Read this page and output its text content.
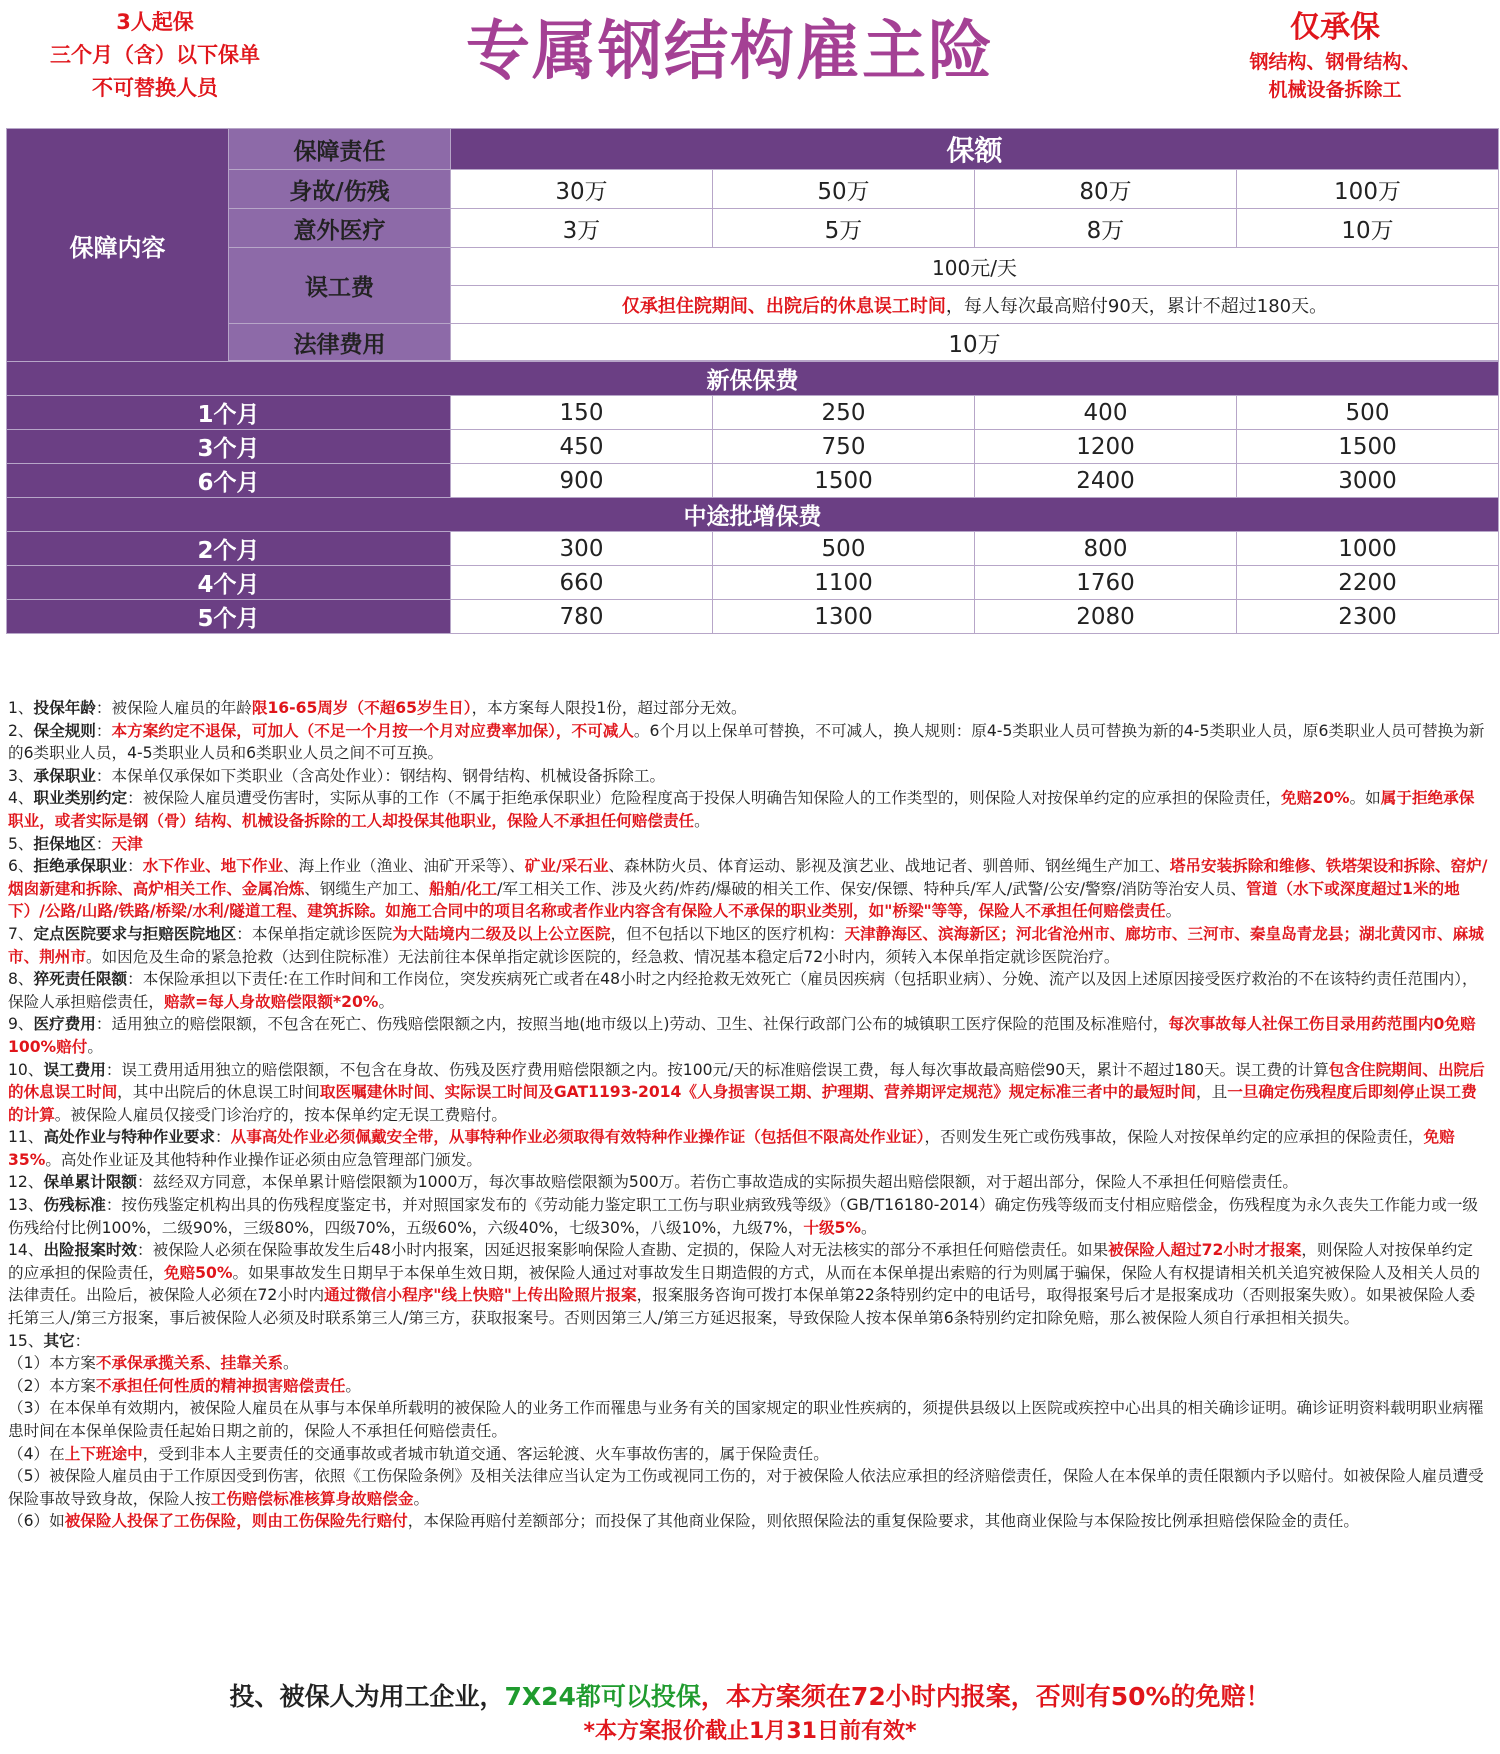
3人起保
三个月（含）以下保单
不可替换人员	专属钢结构雇主险	仅承保
钢结构、钢骨结构、
机械设备拆除工
保障内容	保障责任	保额			
	身故/伤残	30万	50万	80万	100万
	意外医疗	3万	5万	8万	10万
	误工费	100元/天			
		仅承担住院期间、出院后的休息误工时间，每人每次最高赔付90天，累计不超过180天。			
	法律费用	10万			

新保保费					
1个月		150	250	400	500
3个月		450	750	1200	1500
6个月		900	1500	2400	3000
中途批增保费					
2个月		300	500	800	1000
4个月		660	1100	1760	2200
5个月		780	1300	2080	2300

1、投保年龄：被保险人雇员的年龄限16-65周岁（不超65岁生日），本方案每人限投1份，超过部分无效。

2、保全规则：本方案约定不退保，可加人（不足一个月按一个月对应费率加保），不可减人。6个月以上保单可替换，不可减人，换人规则：原4-5类职业人员可替换为新的4-5类职业人员，原6类职业人员可替换为新的6类职业人员，4-5类职业人员和6类职业人员之间不可互换。

3、承保职业：本保单仅承保如下类职业（含高处作业）：钢结构、钢骨结构、机械设备拆除工。

4、职业类别约定：被保险人雇员遭受伤害时，实际从事的工作（不属于拒绝承保职业）危险程度高于投保人明确告知保险人的工作类型的，则保险人对按保单约定的应承担的保险责任，免赔20%。如属于拒绝承保职业，或者实际是钢（骨）结构、机械设备拆除的工人却投保其他职业，保险人不承担任何赔偿责任。

5、拒保地区：天津

6、拒绝承保职业：水下作业、地下作业、海上作业（渔业、油矿开采等）、矿业/采石业、森林防火员、体育运动、影视及演艺业、战地记者、驯兽师、钢丝绳生产加工、塔吊安装拆除和维修、铁塔架设和拆除、窑炉/烟囱新建和拆除、高炉相关工作、金属冶炼、钢缆生产加工、船舶/化工/军工相关工作、涉及火药/炸药/爆破的相关工作、保安/保镖、特种兵/军人/武警/公安/警察/消防等治安人员、管道（水下或深度超过1米的地下）/公路/山路/铁路/桥梁/水利/隧道工程、建筑拆除。如施工合同中的项目名称或者作业内容含有保险人不承保的职业类别，如"桥梁"等等，保险人不承担任何赔偿责任。

7、定点医院要求与拒赔医院地区：本保单指定就诊医院为大陆境内二级及以上公立医院，但不包括以下地区的医疗机构：天津静海区、滨海新区；河北省沧州市、廊坊市、三河市、秦皇岛青龙县；湖北黄冈市、麻城市、荆州市。如因危及生命的紧急抢救（达到住院标准）无法前往本保单指定就诊医院的，经急救、情况基本稳定后72小时内，须转入本保单指定就诊医院治疗。

8、猝死责任限额：本保险承担以下责任:在工作时间和工作岗位，突发疾病死亡或者在48小时之内经抢救无效死亡（雇员因疾病（包括职业病）、分娩、流产以及因上述原因接受医疗救治的不在该特约责任范围内），保险人承担赔偿责任，赔款=每人身故赔偿限额*20%。

9、医疗费用：适用独立的赔偿限额，不包含在死亡、伤残赔偿限额之内，按照当地(地市级以上)劳动、卫生、社保行政部门公布的城镇职工医疗保险的范围及标准赔付，每次事故每人社保工伤目录用药范围内0免赔100%赔付。

10、误工费用：误工费用适用独立的赔偿限额，不包含在身故、伤残及医疗费用赔偿限额之内。按100元/天的标准赔偿误工费，每人每次事故最高赔偿90天，累计不超过180天。误工费的计算包含住院期间、出院后的休息误工时间，其中出院后的休息误工时间取医嘱建休时间、实际误工时间及GAT1193-2014《人身损害误工期、护理期、营养期评定规范》规定标准三者中的最短时间，且一旦确定伤残程度后即刻停止误工费的计算。被保险人雇员仅接受门诊治疗的，按本保单约定无误工费赔付。

11、高处作业与特种作业要求：从事高处作业必须佩戴安全带，从事特种作业必须取得有效特种作业操作证（包括但不限高处作业证），否则发生死亡或伤残事故，保险人对按保单约定的应承担的保险责任，免赔35%。高处作业证及其他特种作业操作证必须由应急管理部门颁发。

12、保单累计限额：兹经双方同意，本保单累计赔偿限额为1000万，每次事故赔偿限额为500万。若伤亡事故造成的实际损失超出赔偿限额，对于超出部分，保险人不承担任何赔偿责任。

13、伤残标准：按伤残鉴定机构出具的伤残程度鉴定书，并对照国家发布的《劳动能力鉴定职工工伤与职业病致残等级》（GB/T16180-2014）确定伤残等级而支付相应赔偿金，伤残程度为永久丧失工作能力或一级伤残给付比例100%，二级90%，三级80%，四级70%，五级60%，六级40%，七级30%，八级10%，九级7%，十级5%。

14、出险报案时效：被保险人必须在保险事故发生后48小时内报案，因延迟报案影响保险人查勘、定损的，保险人对无法核实的部分不承担任何赔偿责任。如果被保险人超过72小时才报案，则保险人对按保单约定的应承担的保险责任，免赔50%。如果事故发生日期早于本保单生效日期，被保险人通过对事故发生日期造假的方式，从而在本保单提出索赔的行为则属于骗保，保险人有权提请相关机关追究被保险人及相关人员的法律责任。出险后，被保险人必须在72小时内通过微信小程序"线上快赔"上传出险照片报案，报案服务咨询可拨打本保单第22条特别约定中的电话号，取得报案号后才是报案成功（否则报案失败）。如果被保险人委托第三人/第三方报案，事后被保险人必须及时联系第三人/第三方，获取报案号。否则因第三人/第三方延迟报案，导致保险人按本保单第6条特别约定扣除免赔，那么被保险人须自行承担相关损失。

15、其它：

（1）本方案不承保承揽关系、挂靠关系。

（2）本方案不承担任何性质的精神损害赔偿责任。

（3）在本保单有效期内，被保险人雇员在从事与本保单所载明的被保险人的业务工作而罹患与业务有关的国家规定的职业性疾病的，须提供县级以上医院或疾控中心出具的相关确诊证明。确诊证明资料载明职业病罹患时间在本保单保险责任起始日期之前的，保险人不承担任何赔偿责任。

（4）在上下班途中，受到非本人主要责任的交通事故或者城市轨道交通、客运轮渡、火车事故伤害的，属于保险责任。

（5）被保险人雇员由于工作原因受到伤害，依照《工伤保险条例》及相关法律应当认定为工伤或视同工伤的，对于被保险人依法应承担的经济赔偿责任，保险人在本保单的责任限额内予以赔付。如被保险人雇员遭受保险事故导致身故，保险人按工伤赔偿标准核算身故赔偿金。

（6）如被保险人投保了工伤保险，则由工伤保险先行赔付，本保险再赔付差额部分；而投保了其他商业保险，则依照保险法的重复保险要求，其他商业保险与本保险按比例承担赔偿保险金的责任。

投、被保人为用工企业，7X24都可以投保，本方案须在72小时内报案，否则有50%的免赔！
*本方案报价截止1月31日前有效*
